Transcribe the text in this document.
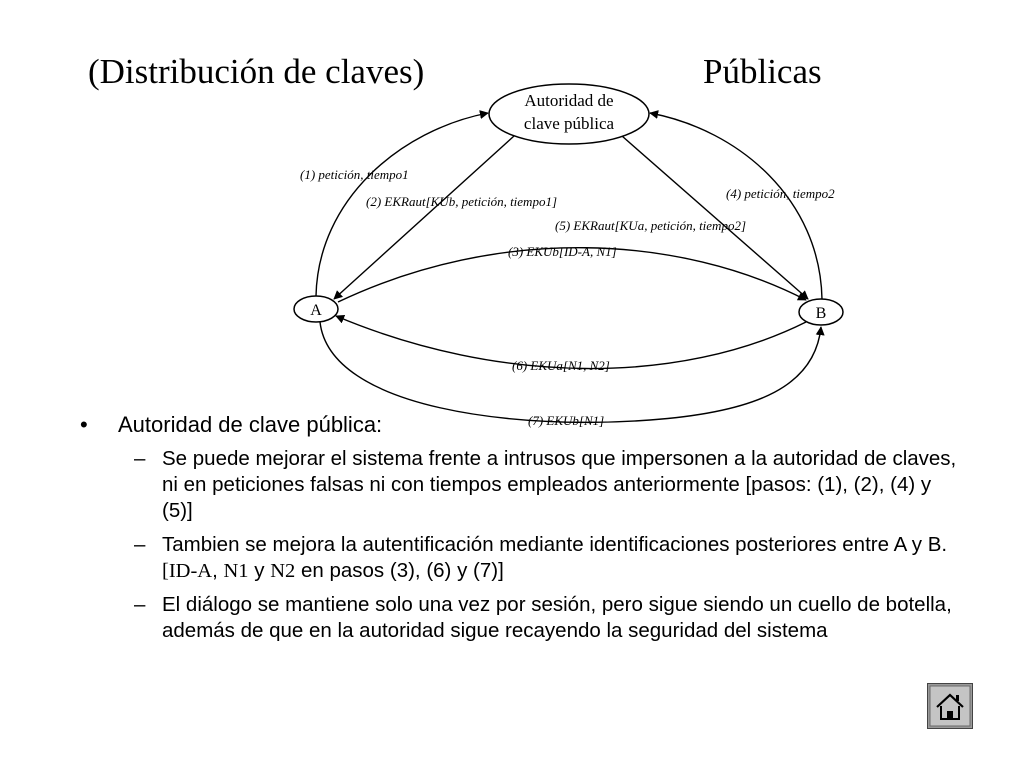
(Distribución de claves)	Públicas
Autoridad de
clave pública
A	B
(1) petición, tiempo1
(2) EKRaut[KUb, petición, tiempo1]
(3) EKUb[ID-A, N1]
(4) petición, tiempo2
(5) EKRaut[KUa, petición, tiempo2]
(6) EKUa[N1, N2]
(7) EKUb[N1]
•	Autoridad de clave pública:
– Se puede mejorar el sistema frente a intrusos que impersonen a la autoridad de claves, ni en peticiones falsas ni con tiempos empleados anteriormente [pasos: (1), (2), (4) y (5)]
– Tambien se mejora la autentificación mediante identificaciones posteriores entre A y B. [ID-A, N1 y N2 en pasos (3), (6) y (7)]
– El diálogo se mantiene solo una vez por sesión, pero sigue siendo un cuello de botella, además de que en la autoridad sigue recayendo la seguridad del sistema
